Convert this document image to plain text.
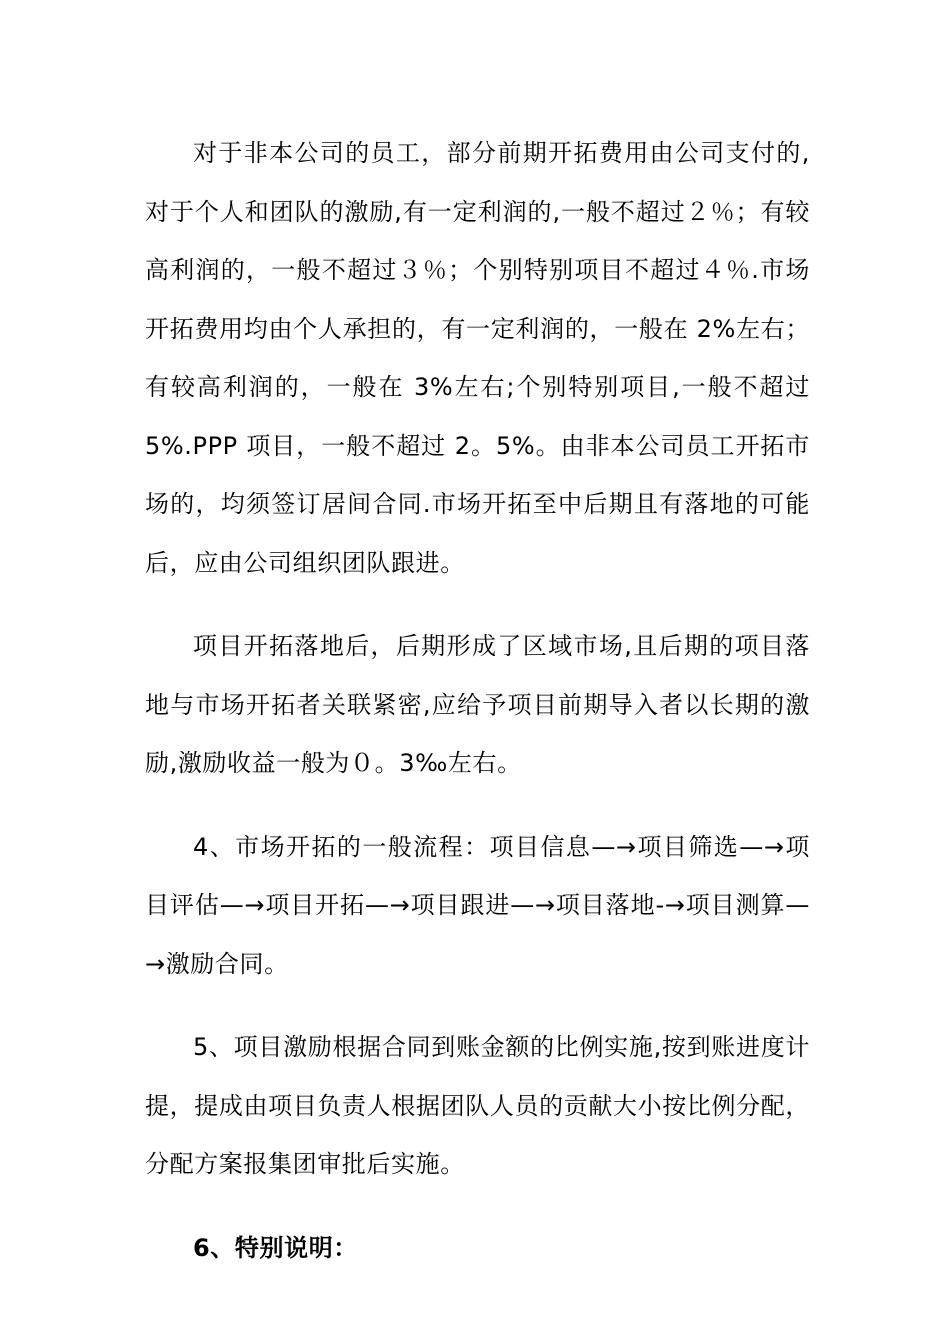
对于非本公司的员工，部分前期开拓费用由公司支付的,对于个人和团队的激励,有一定利润的,一般不超过２％；有较高利润的，一般不超过３％；个别特别项目不超过４％.市场开拓费用均由个人承担的，有一定利润的，一般在 2%左右；有较高利润的，一般在 3%左右;个别特别项目,一般不超过 5%.PPP 项目，一般不超过 2。5%。由非本公司员工开拓市场的，均须签订居间合同.市场开拓至中后期且有落地的可能后，应由公司组织团队跟进。

项目开拓落地后，后期形成了区域市场,且后期的项目落地与市场开拓者关联紧密,应给予项目前期导入者以长期的激励,激励收益一般为０。3‰左右。

4、市场开拓的一般流程：项目信息—→项目筛选—→项目评估—→项目开拓—→项目跟进—→项目落地-→项目测算—→激励合同。

5、项目激励根据合同到账金额的比例实施,按到账进度计提，提成由项目负责人根据团队人员的贡献大小按比例分配，分配方案报集团审批后实施。

6、特别说明：
